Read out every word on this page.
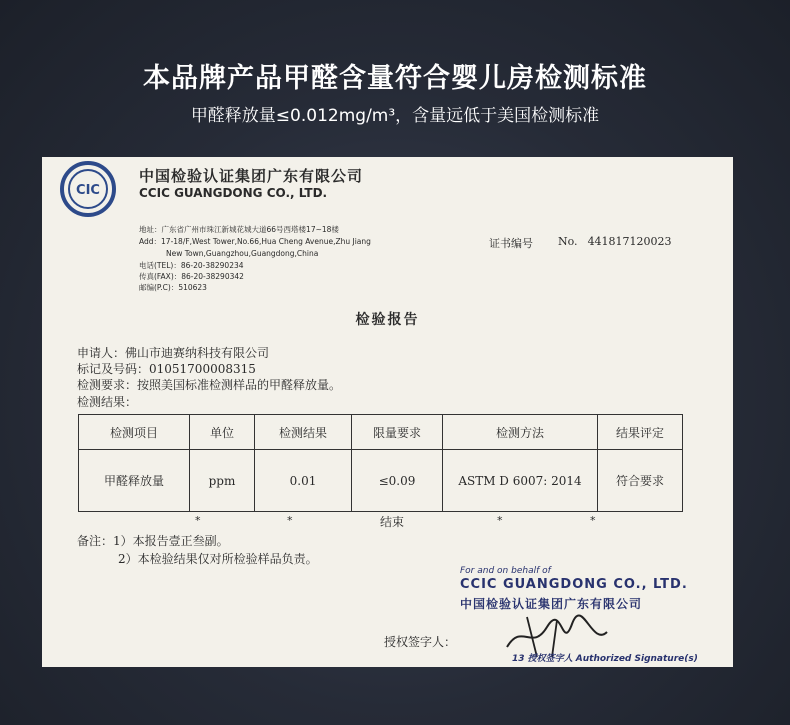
本品牌产品甲醛含量符合婴儿房检测标准
甲醛释放量≤0.012mg/m³，含量远低于美国检测标准
CIC
中国检验认证集团广东有限公司
CCIC GUANGDONG CO., LTD.
地址：广东省广州市珠江新城花城大道66号西塔楼17~18楼
Add：17-18/F,West Tower,No.66,Hua Cheng Avenue,Zhu Jiang
New Town,Guangzhou,Guangdong,China
电话(TEL)：86-20-38290234
传真(FAX)：86-20-38290342
邮编(P.C)：510623
证书编号 No. 441817120023
检验报告
申请人：佛山市迪赛纳科技有限公司
标记及号码：01051700008315
检测要求：按照美国标准检测样品的甲醛释放量。
检测结果：
检测项目	单位	检测结果	限量要求	检测方法	结果评定
甲醛释放量	ppm	0.01	≤0.09	ASTM D 6007: 2014	符合要求
*	*	结束	*	*
备注：1）本报告壹正叁副。
2）本检验结果仅对所检验样品负责。
For and on behalf of
CCIC GUANGDONG CO., LTD.
中国检验认证集团广东有限公司
授权签字人：
13 授权签字人 Authorized Signature(s)
